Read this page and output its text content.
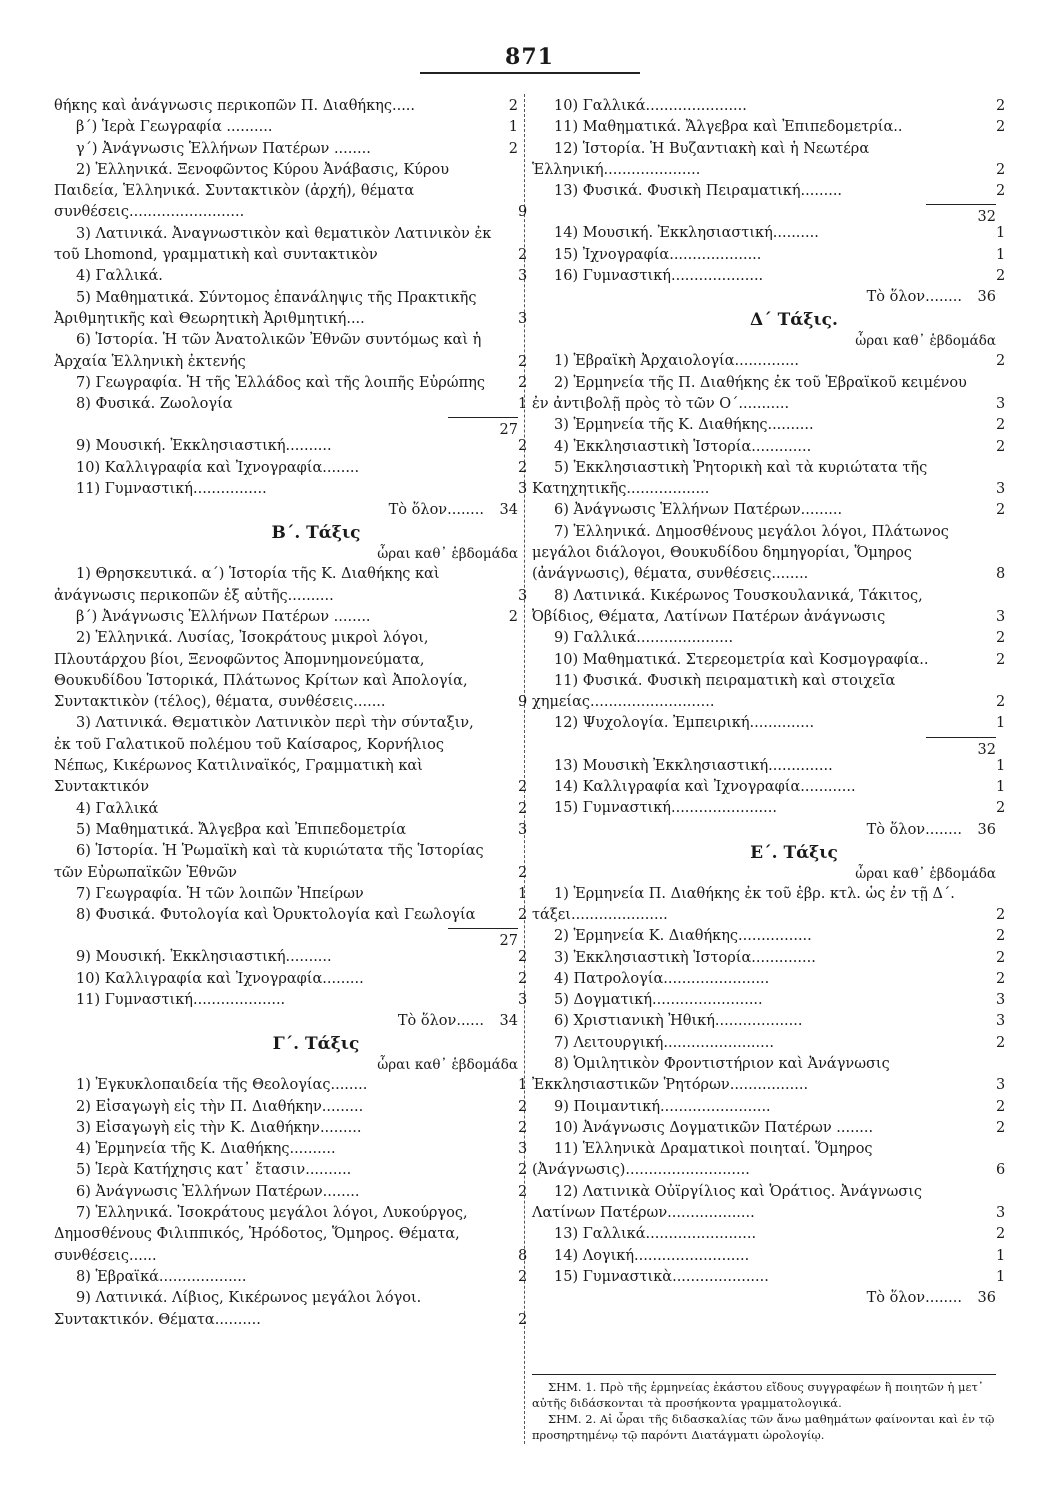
871
θήκης καὶ ἀνάγνωσις περικοπῶν Π. Διαθήκης.....	2
β´) Ἱερὰ Γεωγραφία ..........	1
γ´) Ἀνάγνωσις Ἑλλήνων Πατέρων ........	2
2) Ἑλληνικά. Ξενοφῶντος Κύρου Ἀνάβασις, Κύρου Παιδεία, Ἑλληνικά. Συντακτικὸν (ἀρχή), θέματα συνθέσεις.........................	9
3) Λατινικά. Ἀναγνωστικὸν καὶ θεματικὸν Λατινικὸν ἐκ τοῦ Lhomond, γραμματικὴ καὶ συντακτικὸν	2
4) Γαλλικά.	3
5) Μαθηματικά. Σύντομος ἐπανάληψις τῆς Πρακτικῆς Ἀριθμητικῆς καὶ Θεωρητικὴ Ἀριθμητική....	3
6) Ἱστορία. Ἡ τῶν Ἀνατολικῶν Ἐθνῶν συντόμως καὶ ἡ Ἀρχαία Ἑλληνικὴ ἐκτενής	2
7) Γεωγραφία. Ἡ τῆς Ἑλλάδος καὶ τῆς λοιπῆς Εὐρώπης	2
8) Φυσικά. Ζωολογία	1
27
9) Μουσική. Ἐκκλησιαστική..........	2
10) Καλλιγραφία καὶ Ἰχνογραφία........	2
11) Γυμναστική................	3
Τὸ ὅλον........ 34
Β´. Τάξις
ὧραι καθ᾿ ἑβδομάδα
1) Θρησκευτικά. α´) Ἱστορία τῆς Κ. Διαθήκης καὶ ἀνάγνωσις περικοπῶν ἐξ αὐτῆς..........	3
β´) Ἀνάγνωσις Ἑλλήνων Πατέρων ........	2
2) Ἑλληνικά. Λυσίας, Ἰσοκράτους μικροὶ λόγοι, Πλουτάρχου βίοι, Ξενοφῶντος Ἀπομνημονεύματα, Θουκυδίδου Ἱστορικά, Πλάτωνος Κρίτων καὶ Ἀπολογία, Συντακτικὸν (τέλος), θέματα, συνθέσεις.......	9
3) Λατινικά. Θεματικὸν Λατινικὸν περὶ τὴν σύνταξιν, ἐκ τοῦ Γαλατικοῦ πολέμου τοῦ Καίσαρος, Κορνήλιος Νέπως, Κικέρωνος Κατιλιναϊκός, Γραμματικὴ καὶ Συντακτικόν	2
4) Γαλλικά	2
5) Μαθηματικά. Ἄλγεβρα καὶ Ἐπιπεδομετρία	3
6) Ἱστορία. Ἡ Ῥωμαϊκὴ καὶ τὰ κυριώτατα τῆς Ἱστορίας τῶν Εὐρωπαϊκῶν Ἐθνῶν	2
7) Γεωγραφία. Ἡ τῶν λοιπῶν Ἠπείρων	1
8) Φυσικά. Φυτολογία καὶ Ὀρυκτολογία καὶ Γεωλογία	2
27
9) Μουσική. Ἐκκλησιαστική..........	2
10) Καλλιγραφία καὶ Ἰχνογραφία.........	2
11) Γυμναστική....................	3
Τὸ ὅλον...... 34
Γ´. Τάξις
ὧραι καθ᾿ ἑβδομάδα
1) Ἐγκυκλοπαιδεία τῆς Θεολογίας........	1
2) Εἰσαγωγὴ εἰς τὴν Π. Διαθήκην.........	2
3) Εἰσαγωγὴ εἰς τὴν Κ. Διαθήκην.........	2
4) Ἑρμηνεία τῆς Κ. Διαθήκης..........	3
5) Ἱερὰ Κατήχησις κατ᾿ ἔτασιν..........	2
6) Ἀνάγνωσις Ἑλλήνων Πατέρων........	2
7) Ἑλληνικά. Ἰσοκράτους μεγάλοι λόγοι, Λυκούργος, Δημοσθένους Φιλιππικός, Ἡρόδοτος, Ὅμηρος. Θέματα, συνθέσεις......	8
8) Ἑβραϊκά...................	2
9) Λατινικά. Λίβιος, Κικέρωνος μεγάλοι λόγοι. Συντακτικόν. Θέματα..........	2
10) Γαλλικά......................	2
11) Μαθηματικά. Ἄλγεβρα καὶ Ἐπιπεδομετρία..	2
12) Ἱστορία. Ἡ Βυζαντιακὴ καὶ ἡ Νεωτέρα Ἑλληνική.....................	2
13) Φυσικά. Φυσικὴ Πειραματική.........	2
32
14) Μουσική. Ἐκκλησιαστική..........	1
15) Ἰχνογραφία....................	1
16) Γυμναστική....................	2
Τὸ ὅλον........ 36
Δ´ Τάξις.
ὧραι καθ᾿ ἑβδομάδα
1) Ἑβραϊκὴ Ἀρχαιολογία..............	2
2) Ἑρμηνεία τῆς Π. Διαθήκης ἐκ τοῦ Ἑβραϊκοῦ κειμένου ἐν ἀντιβολῇ πρὸς τὸ τῶν Ο´...........	3
3) Ἑρμηνεία τῆς Κ. Διαθήκης..........	2
4) Ἐκκλησιαστικὴ Ἱστορία.............	2
5) Ἐκκλησιαστικὴ Ῥητορικὴ καὶ τὰ κυριώτατα τῆς Κατηχητικῆς..................	3
6) Ἀνάγνωσις Ἑλλήνων Πατέρων.........	2
7) Ἑλληνικά. Δημοσθένους μεγάλοι λόγοι, Πλάτωνος μεγάλοι διάλογοι, Θουκυδίδου δημηγορίαι, Ὅμηρος (ἀνάγνωσις), θέματα, συνθέσεις........	8
8) Λατινικά. Κικέρωνος Τουσκουλανικά, Τάκιτος, Ὀβίδιος, Θέματα, Λατίνων Πατέρων ἀνάγνωσις	3
9) Γαλλικά.....................	2
10) Μαθηματικά. Στερεομετρία καὶ Κοσμογραφία..	2
11) Φυσικά. Φυσικὴ πειραματικὴ καὶ στοιχεῖα χημείας...........................	2
12) Ψυχολογία. Ἐμπειρική..............	1
32
13) Μουσικὴ Ἐκκλησιαστική..............	1
14) Καλλιγραφία καὶ Ἰχνογραφία............	1
15) Γυμναστική.......................	2
Τὸ ὅλον........ 36
Ε´. Τάξις
ὧραι καθ᾿ ἑβδομάδα
1) Ἑρμηνεία Π. Διαθήκης ἐκ τοῦ ἑβρ. κτλ. ὡς ἐν τῇ Δ´. τάξει.....................	2
2) Ἑρμηνεία Κ. Διαθήκης................	2
3) Ἐκκλησιαστικὴ Ἱστορία..............	2
4) Πατρολογία.......................	2
5) Δογματική........................	3
6) Χριστιανικὴ Ἠθική...................	3
7) Λειτουργική........................	2
8) Ὁμιλητικὸν Φροντιστήριον καὶ Ἀνάγνωσις Ἐκκλησιαστικῶν Ῥητόρων.................	3
9) Ποιμαντική........................	2
10) Ἀνάγνωσις Δογματικῶν Πατέρων ........	2
11) Ἑλληνικὰ Δραματικοὶ ποιηταί. Ὅμηρος (Ἀνάγνωσις)...........................	6
12) Λατινικὰ Οὐϊργίλιος καὶ Ὁράτιος. Ἀνάγνωσις Λατίνων Πατέρων...................	3
13) Γαλλικά........................	2
14) Λογική.........................	1
15) Γυμναστικὰ.....................	1
Τὸ ὅλον........ 36

ΣΗΜ. 1. Πρὸ τῆς ἑρμηνείας ἑκάστου εἴδους συγγραφέων ἢ ποιητῶν ἡ μετ᾿ αὐτῆς διδάσκονται τὰ προσήκοντα γραμματολογικά.

ΣΗΜ. 2. Αἱ ὧραι τῆς διδασκαλίας τῶν ἄνω μαθημάτων φαίνονται καὶ ἐν τῷ προσηρτημένῳ τῷ παρόντι Διατάγματι ὡρολογίῳ.
